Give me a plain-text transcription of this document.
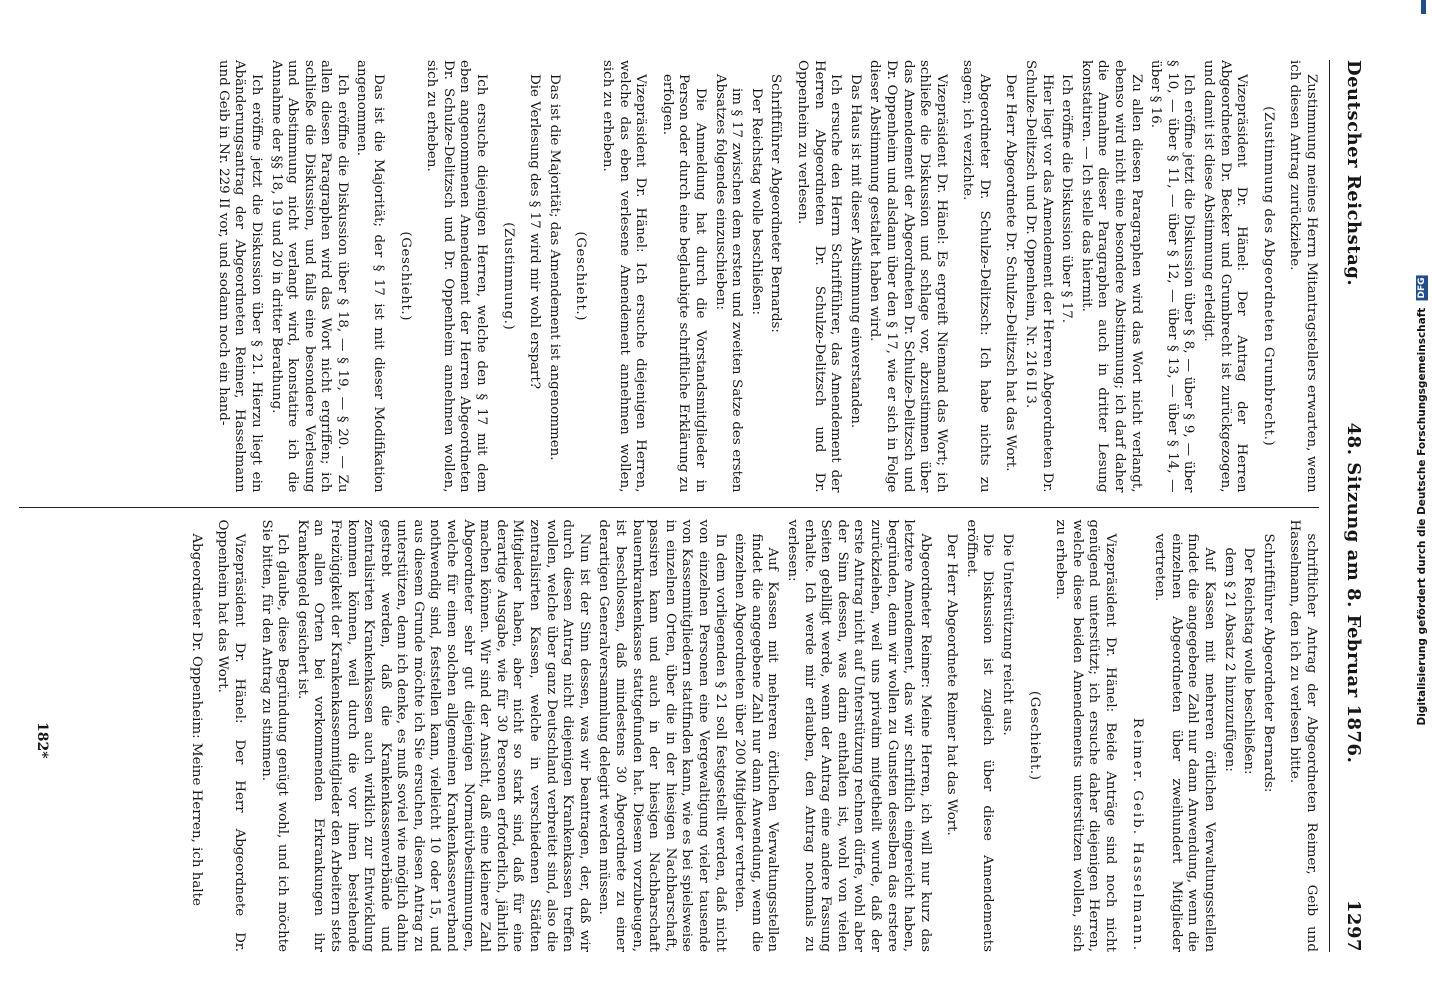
Deutscher Reichstag.
48. Sitzung am 8. Februar 1876.
1297

Zustimmung meines Herrn Mitantragstellers erwarten, wenn ich diesen Antrag zurückziehe.

(Zustimmung des Abgeordneten Grumbrecht.)

Vizepräsident Dr. Hänel: Der Antrag der Herren Abgeordneten Dr. Becker und Grumbrecht ist zurückgezogen, und damit ist diese Abstimmung erledigt.

Ich eröffne jetzt die Diskussion über § 8, — über § 9, — über § 10, — über § 11, — über § 12, — über § 13, — über § 14, — über § 16.

Zu allen diesen Paragraphen wird das Wort nicht verlangt, ebenso wird nicht eine besondere Abstimmung; ich darf daher die Annahme dieser Paragraphen auch in dritter Lesung konstatiren. — Ich stelle das hiermit.

Ich eröffne die Diskussion über § 17.

Hier liegt vor das Amendement der Herren Abgeordneten Dr. Schulze-Delitzsch und Dr. Oppenheim, Nr. 216 II 3.

Der Herr Abgeordnete Dr. Schulze-Delitzsch hat das Wort.

Abgeordneter Dr. Schulze-Delitzsch: Ich habe nichts zu sagen; ich verzichte.

Vizepräsident Dr. Hänel: Es ergreift Niemand das Wort; ich schließe die Diskussion und schlage vor, abzustimmen über das Amendement der Abgeordneten Dr. Schulze-Delitzsch und Dr. Oppenheim und alsdann über den § 17, wie er sich in Folge dieser Abstimmung gestaltet haben wird.

Das Haus ist mit dieser Abstimmung einverstanden.

Ich ersuche den Herrn Schriftführer, das Amendement der Herren Abgeordneten Dr. Schulze-Delitzsch und Dr. Oppenheim zu verlesen.

Schriftführer Abgeordneter Bernards:

Der Reichstag wolle beschließen:

im § 17 zwischen dem ersten und zweiten Satze des ersten Absatzes folgendes einzuschieben:

Die Anmeldung hat durch die Vorstandsmitglieder in Person oder durch eine beglaubigte schriftliche Erklärung zu erfolgen.

Vizepräsident Dr. Hänel: Ich ersuche diejenigen Herren, welche das eben verlesene Amendement annehmen wollen, sich zu erheben.

(Geschieht.)

Das ist die Majorität; das Amendement ist angenommen.

Die Verlesung des § 17 wird mir wohl erspart?

(Zustimmung.)

Ich ersuche diejenigen Herren, welche den § 17 mit dem eben angenommenen Amendement der Herren Abgeordneten Dr. Schulze-Delitzsch und Dr. Oppenheim annehmen wollen, sich zu erheben.

(Geschieht.)

Das ist die Majorität; der § 17 ist mit dieser Modifikation angenommen.

Ich eröffne die Diskussion über § 18, — § 19, — § 20. — Zu allen diesen Paragraphen wird das Wort nicht ergriffen; ich schließe die Diskussion, und falls eine besondere Verlesung und Abstimmung nicht verlangt wird, konstatire ich die Annahme der §§ 18, 19 und 20 in dritter Berathung.

Ich eröffne jetzt die Diskussion über § 21. Hierzu liegt ein Abänderungsantrag der Abgeordneten Reimer, Hasselmann und Geib in Nr. 229 II vor, und sodann noch ein hand-

schriftlicher Antrag der Abgeordneten Reimer, Geib und Hasselmann, den ich zu verlesen bitte.

Schriftführer Abgeordneter Bernards:

Der Reichstag wolle beschließen:

dem § 21 Absatz 2 hinzuzufügen:

Auf Kassen mit mehreren örtlichen Verwaltungsstellen findet die angegebene Zahl nur dann Anwendung, wenn die einzelnen Abgeordneten über zweihundert Mitglieder vertreten.

Reimer. Geib. Hasselmann.

Vizepräsident Dr. Hänel: Beide Anträge sind noch nicht genügend unterstützt; ich ersuche daher diejenigen Herren, welche diese beiden Amendements unterstützen wollen, sich zu erheben.

(Geschieht.)

Die Unterstützung reicht aus.

Die Diskussion ist zugleich über diese Amendements eröffnet.

Der Herr Abgeordnete Reimer hat das Wort.

Abgeordneter Reimer: Meine Herren, ich will nur kurz das letztere Amendement, das wir schriftlich eingereicht haben, begründen, denn wir wollen zu Gunsten desselben das erstere zurückziehen, weil uns privatim mitgetheilt wurde, daß der erste Antrag nicht auf Unterstützung rechnen dürfe, wohl aber der Sinn dessen, was darin enthalten ist, wohl von vielen Seiten gebilligt werde, wenn der Antrag eine andere Fassung erhalte. Ich werde mir erlauben, den Antrag nochmals zu verlesen:

Auf Kassen mit mehreren örtlichen Verwaltungsstellen findet die angegebene Zahl nur dann Anwendung, wenn die einzelnen Abgeordneten über 200 Mitglieder vertreten.

In dem vorliegenden § 21 soll festgestellt werden, daß nicht von einzelnen Personen eine Vergewaltigung vieler tausende von Kassenmitgliedern stattfinden kann, wie es bei spielsweise in einzelnen Orten, über die in der hiesigen Nachbarschaft, passiren kann und auch in der hiesigen Nachbarschaft bauernkrankenkasse stattgefunden hat. Diesem vorzubeugen, ist beschlossen, daß mindestens 30 Abgeordnete zu einer derartigen Generalversammlung delegirt werden müssen.

Nun ist der Sinn dessen, was wir beantragen, der, daß wir durch diesen Antrag nicht diejenigen Krankenkassen treffen wollen, welche über ganz Deutschland verbreitet sind, also die zentralisirten Kassen, welche in verschiedenen Städten Mitglieder haben, aber nicht so stark sind, daß für eine derartige Ausgabe, wie für 30 Personen erforderlich, jährlich machen können. Wir sind der Ansicht, daß eine kleinere Zahl Abgeordneter sehr gut diejenigen Normativbestimmungen, welche für einen solchen allgemeinen Krankenkassenverband nothwendig sind, feststellen kann, vielleicht 10 oder 15, und aus diesem Grunde möchte ich Sie ersuchen, diesen Antrag zu unterstützen, denn ich denke, es muß soviel wie möglich dahin gestrebt werden, daß die Krankenkassenverbände und zentralisirten Krankenkassen auch wirklich zur Entwicklung kommen können, weil durch die vor ihnen bestehende Freizügigkeit der Krankenkassenmitglieder den Arbeitern stets an allen Orten bei vorkommenden Erkrankungen ihr Krankengeld gesichert ist.

Ich glaube, diese Begründung genügt wohl, und ich möchte Sie bitten, für den Antrag zu stimmen.

Vizepräsident Dr. Hänel: Der Herr Abgeordnete Dr. Oppenheim hat das Wort.

Abgeordneter Dr. Oppenheim: Meine Herren, ich halte

182*
Digitalisierung gefördert durch die Deutsche Forschungsgemeinschaft DFG
